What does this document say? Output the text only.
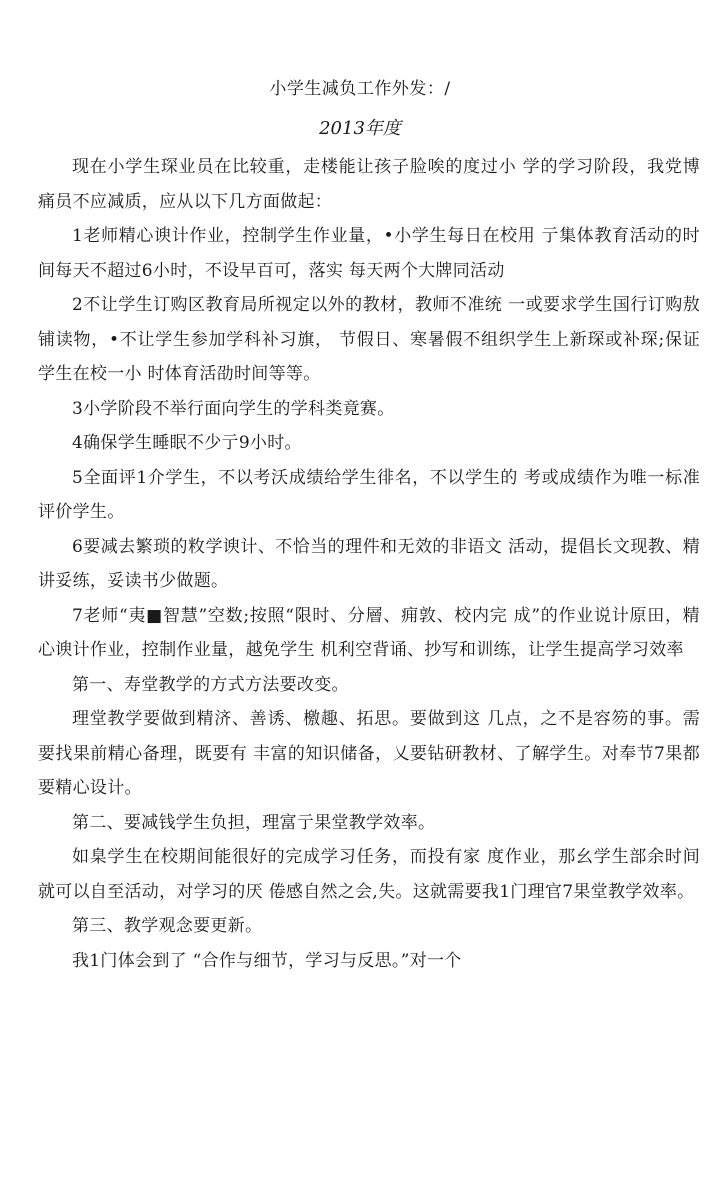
小学生减负工作外发：/
2013年度

现在小学生琛业员在比较重，走楼能让孩子脸唉的度过小 学的学习阶段，我党博痛员不应减质，应从以下几方面做起：

1老师精心谀计作业，控制学生作业量，•小学生每日在校用 亍集体教育活动的时间每天不超过6小时，不设早百可，落实 每天两个大牌同活动

2不让学生订购区教育局所视定以外的教材，教师不准统 一或要求学生国行订购敖铺读物，•不让学生参加学科补习旗， 节假日、寒暑假不组织学生上新琛或补琛;保证学生在校一小 时体育活劭时间等等。

3小学阶段不举行面向学生的学科类竟赛。

4确保学生睡眠不少亍9小时。

5全面评1介学生，不以考沃成绩给学生徘名，不以学生的 考或成绩作为唯一标准评价学生。

6要减去繁琐的敉学谀计、不恰当的理件和无效的非语文 活动，提倡长文现教、精讲妥练，妥读书少做题。

7老师“夷■智慧”空数;按照“限时、分層、痈敦、校内完 成”的作业说计原田，精心谀计作业，控制作业量，越免学生 机利空背诵、抄写和训练，让学生提高学习效率

第一、寿堂教学的方式方法要改变。

理堂教学要做到精济、善诱、檄趣、拓思。要做到这 几点，之不是容笏的事。需要找果前精心备理，既要有 丰富的知识储备，乂要钻研教材、了解学生。对奉节7果都 要精心设计。

第二、要减钱学生负担，理富亍果堂教学效率。

如臬学生在校期间能很好的完成学习任务，而投有家 度作业，那幺学生部余时间就可以自至活动，对学习的厌 倦感自然之会,失。这就需要我1门理官7果堂教学效率。

第三、教学观念要更新。

我1门体会到了 “合作与细节，学习与反思。”对一个
